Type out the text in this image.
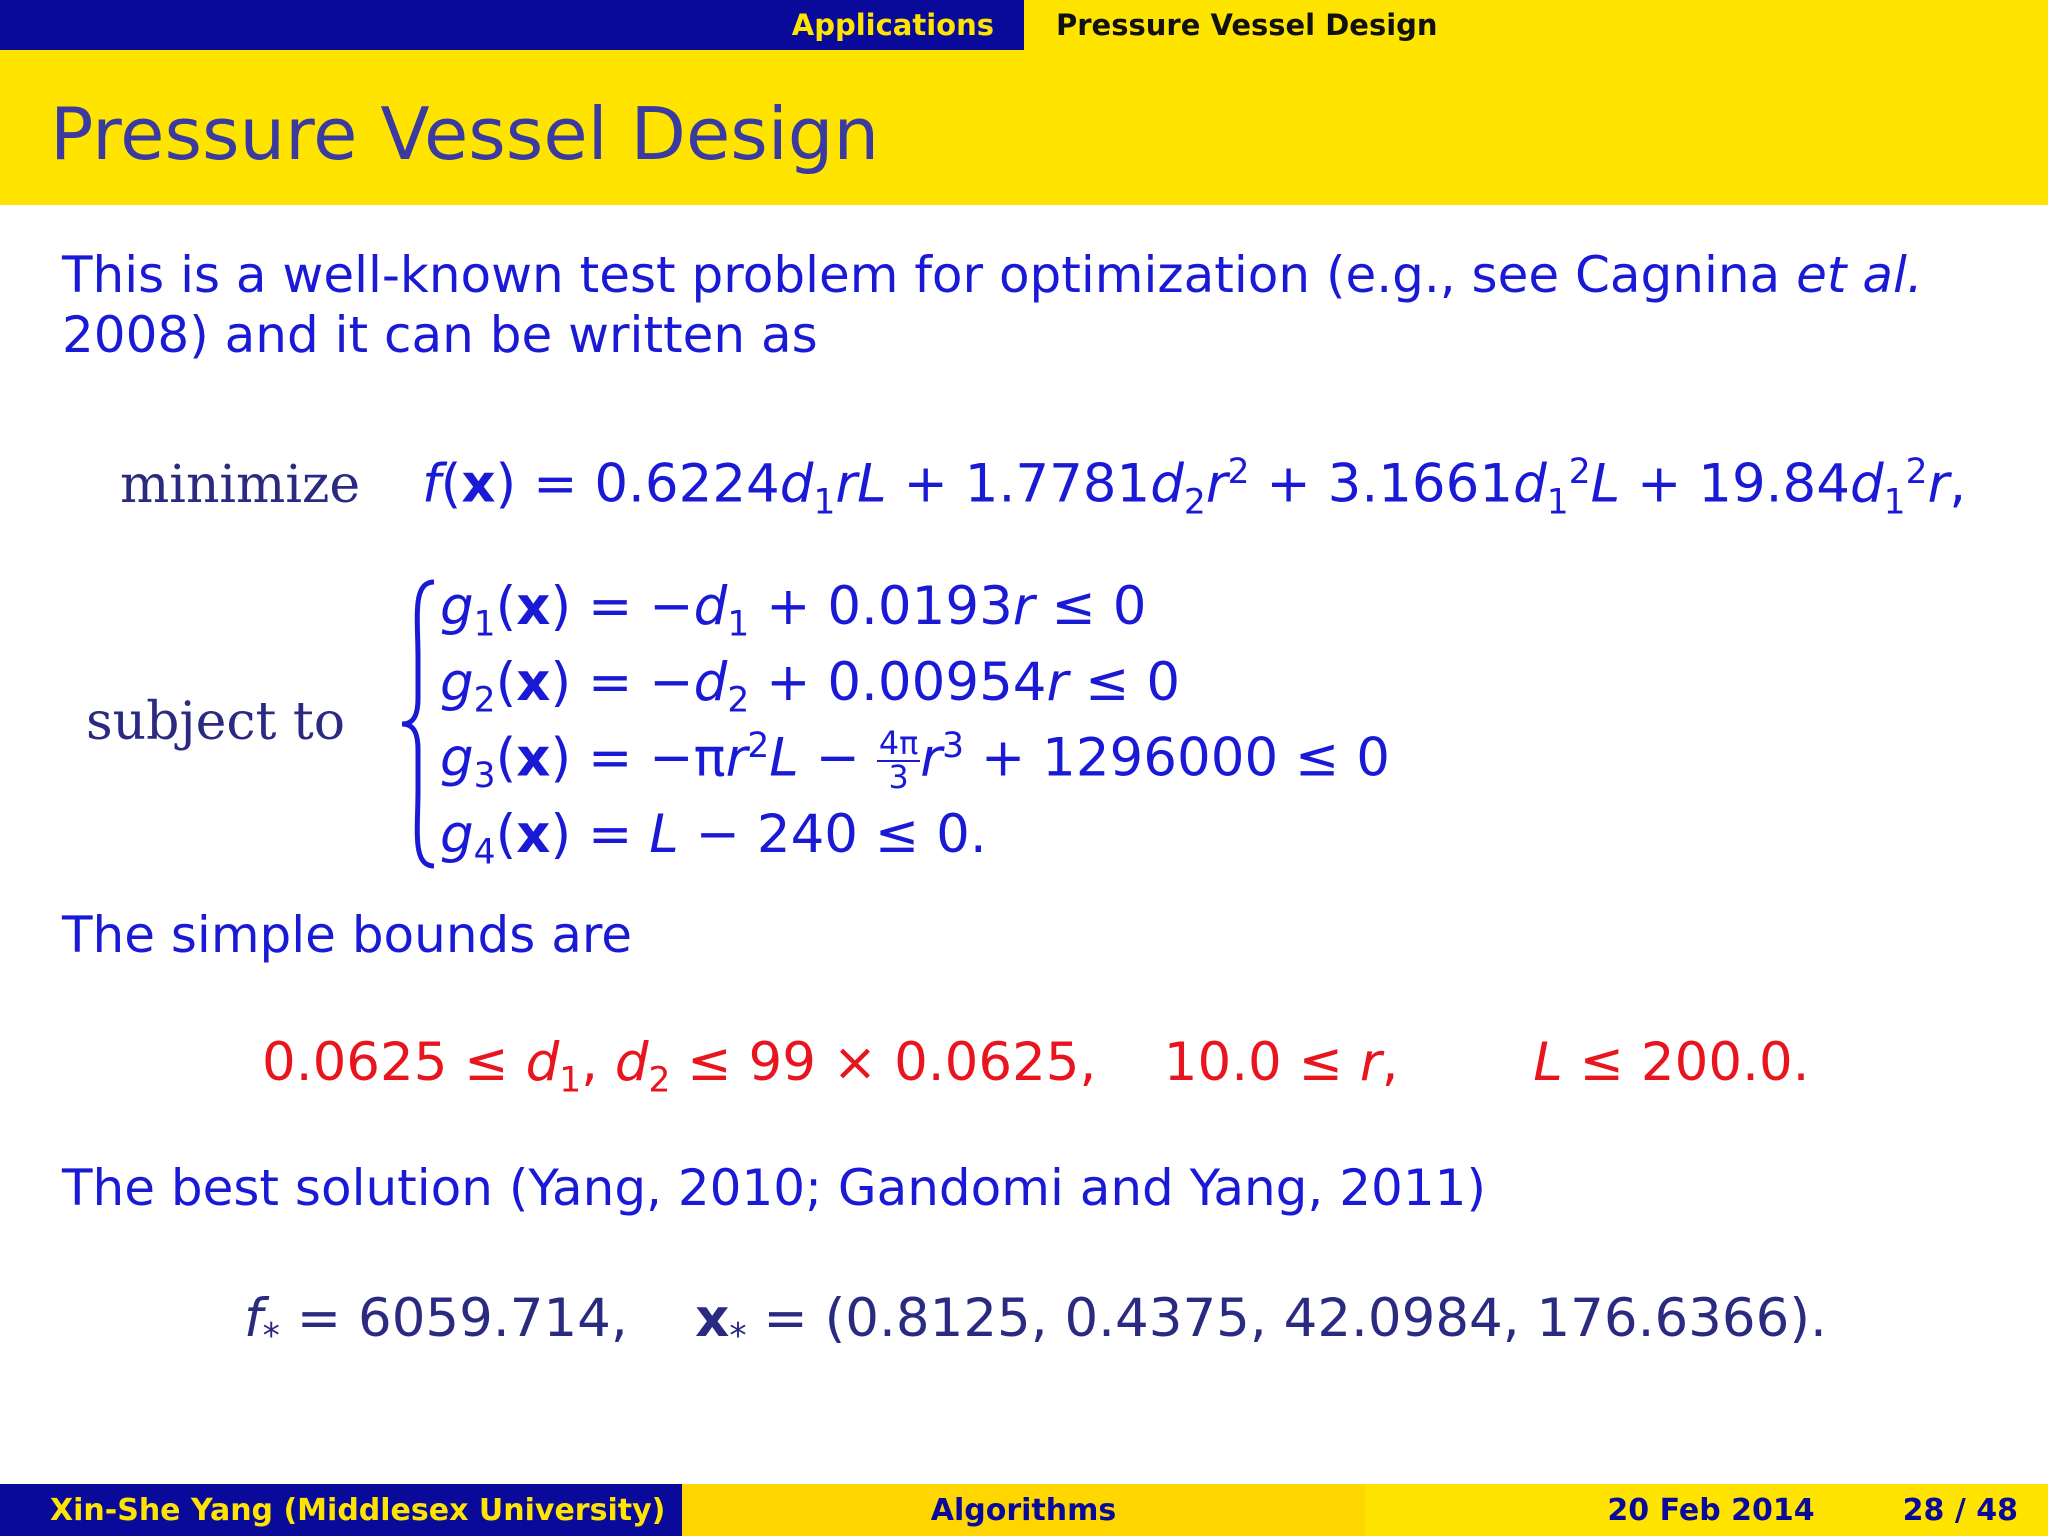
Applications	Pressure Vessel Design
Pressure Vessel Design
This is a well-known test problem for optimization (e.g., see Cagnina et al.
2008) and it can be written as
minimize $f(x) = 0.6224d_1rL + 1.7781d_2r^2 + 3.1661d_1^2L + 19.84d_1^2r$,
subject to
$g_1(x) = -d_1 + 0.0193r \le 0$
$g_2(x) = -d_2 + 0.00954r \le 0$
$g_3(x) = -\pi r^2L - \frac{4\pi}{3} r^3 + 1296000 \le 0$
$g_4(x) = L - 240 \le 0$.
The simple bounds are
$0.0625 \le d_1$, $d_2 \le 99 \times 0.0625$,    10.0 ≤ r,        L ≤ 200.0.
The best solution (Yang, 2010; Gandomi and Yang, 2011)
$f_* = 6059.714$,    $x_* = (0.8125$, 0.4375, 42.0984, 176.6366).
Xin-She Yang (Middlesex University)	Algorithms	20 Feb 2014	28 / 48
